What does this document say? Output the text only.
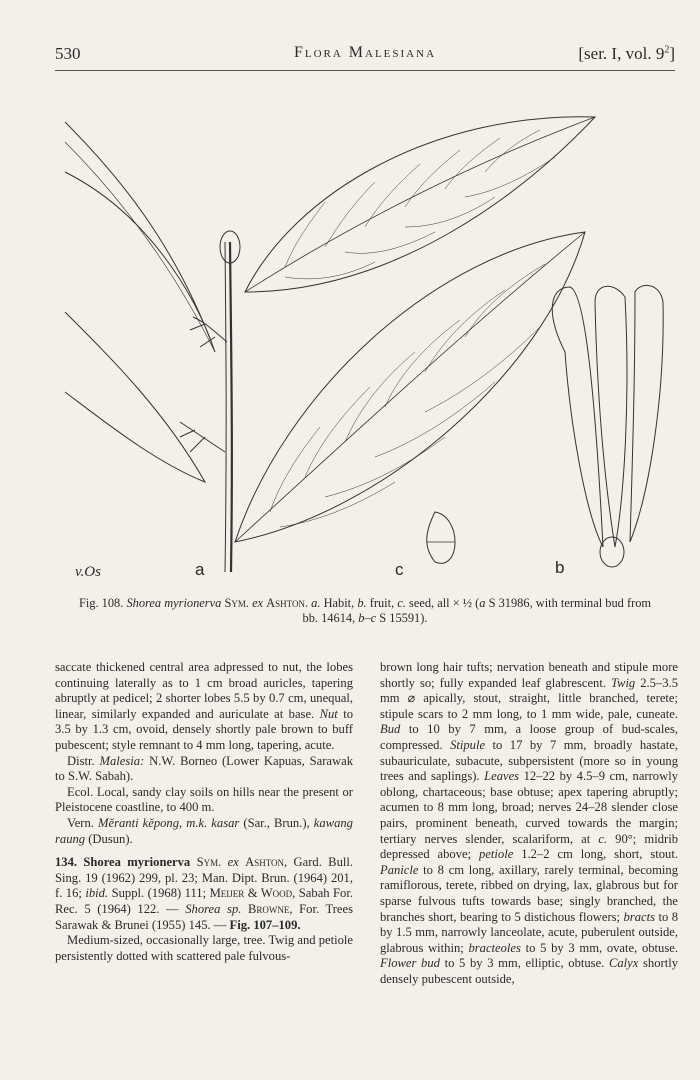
530	Flora Malesiana	[ser. I, vol. $9^2$]
v.Os	a	c	b
Fig. 108. Shorea myrionerva Sym. ex Ashton. a. Habit, b. fruit, c. seed, all × ½ (a S 31986, with terminal bud from bb. 14614, b–c S 15591).

saccate thickened central area adpressed to nut, the lobes continuing laterally as to 1 cm broad auricles, tapering abruptly at pedicel; 2 shorter lobes 5.5 by 0.7 cm, unequal, linear, similarly expanded and auriculate at base. Nut to 3.5 by 1.3 cm, ovoid, densely shortly pale brown to buff pubescent; style remnant to 4 mm long, tapering, acute.

Distr. Malesia: N.W. Borneo (Lower Kapuas, Sarawak to S.W. Sabah).

Ecol. Local, sandy clay soils on hills near the present or Pleistocene coastline, to 400 m.

Vern. Mĕranti kĕpong, m.k. kasar (Sar., Brun.), kawang raung (Dusun).

134. Shorea myrionerva Sym. ex Ashton, Gard. Bull. Sing. 19 (1962) 299, pl. 23; Man. Dipt. Brun. (1964) 201, f. 16; ibid. Suppl. (1968) 111; Meijer & Wood, Sabah For. Rec. 5 (1964) 122. — Shorea sp. Browne, For. Trees Sarawak & Brunei (1955) 145. — Fig. 107–109.

Medium-sized, occasionally large, tree. Twig and petiole persistently dotted with scattered pale fulvous-

brown long hair tufts; nervation beneath and stipule more shortly so; fully expanded leaf glabrescent. Twig 2.5–3.5 mm ⌀ apically, stout, straight, little branched, terete; stipule scars to 2 mm long, to 1 mm wide, pale, cuneate. Bud to 10 by 7 mm, a loose group of bud-scales, compressed. Stipule to 17 by 7 mm, broadly hastate, subauriculate, subacute, subpersistent (more so in young trees and saplings). Leaves 12–22 by 4.5–9 cm, narrowly oblong, chartaceous; base obtuse; apex tapering abruptly; acumen to 8 mm long, broad; nerves 24–28 slender close pairs, prominent beneath, curved towards the margin; tertiary nerves slender, scalariform, at c. 90°; midrib depressed above; petiole 1.2–2 cm long, short, stout. Panicle to 8 cm long, axillary, rarely terminal, becoming ramiflorous, terete, ribbed on drying, lax, glabrous but for sparse fulvous tufts towards base; singly branched, the branches short, bearing to 5 distichous flowers; bracts to 8 by 1.5 mm, narrowly lanceolate, acute, puberulent outside, glabrous within; bracteoles to 5 by 3 mm, ovate, obtuse. Flower bud to 5 by 3 mm, elliptic, obtuse. Calyx shortly densely pubescent outside,
